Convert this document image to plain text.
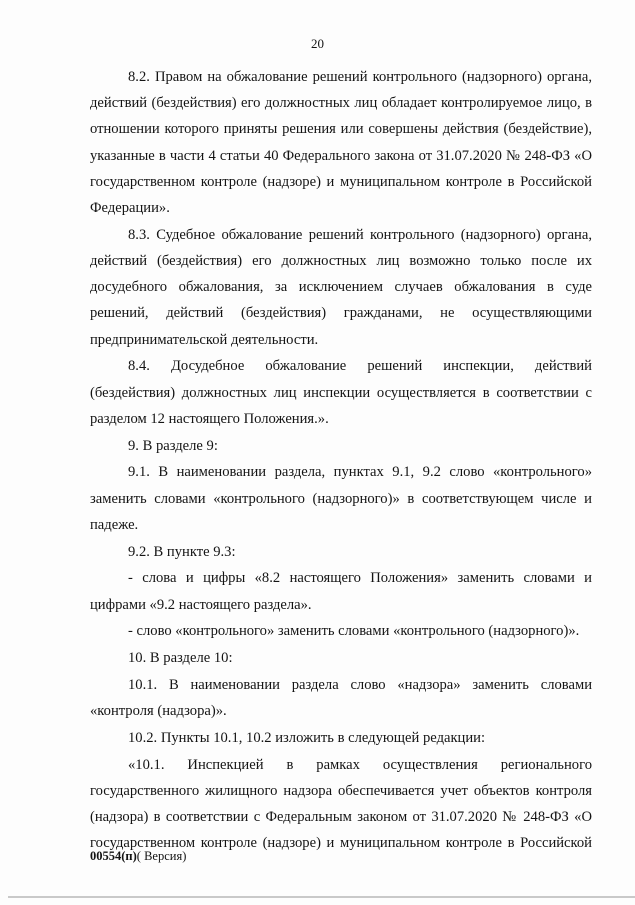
20

8.2. Правом на обжалование решений контрольного (надзорного) органа, действий (бездействия) его должностных лиц обладает контролируемое лицо, в отношении которого приняты решения или совершены действия (бездействие), указанные в части 4 статьи 40 Федерального закона от 31.07.2020 № 248-ФЗ «О государственном контроле (надзоре) и муниципальном контроле в Российской Федерации».

8.3. Судебное обжалование решений контрольного (надзорного) органа, действий (бездействия) его должностных лиц возможно только после их досудебного обжалования, за исключением случаев обжалования в суде решений, действий (бездействия) гражданами, не осуществляющими предпринимательской деятельности.

8.4. Досудебное обжалование решений инспекции, действий (бездействия) должностных лиц инспекции осуществляется в соответствии с разделом 12 настоящего Положения.».

9. В разделе 9:

9.1. В наименовании раздела, пунктах 9.1, 9.2 слово «контрольного» заменить словами «контрольного (надзорного)» в соответствующем числе и падеже.

9.2. В пункте 9.3:

- слова и цифры «8.2 настоящего Положения» заменить словами и цифрами «9.2 настоящего раздела».

- слово «контрольного» заменить словами «контрольного (надзорного)».

10. В разделе 10:

10.1. В наименовании раздела слово «надзора» заменить словами «контроля (надзора)».

10.2. Пункты 10.1, 10.2 изложить в следующей редакции:

«10.1. Инспекцией в рамках осуществления регионального государственного жилищного надзора обеспечивается учет объектов контроля (надзора) в соответствии с Федеральным законом от 31.07.2020 № 248-ФЗ «О государственном контроле (надзоре) и муниципальном контроле в Российской

00554(п)( Версия)
